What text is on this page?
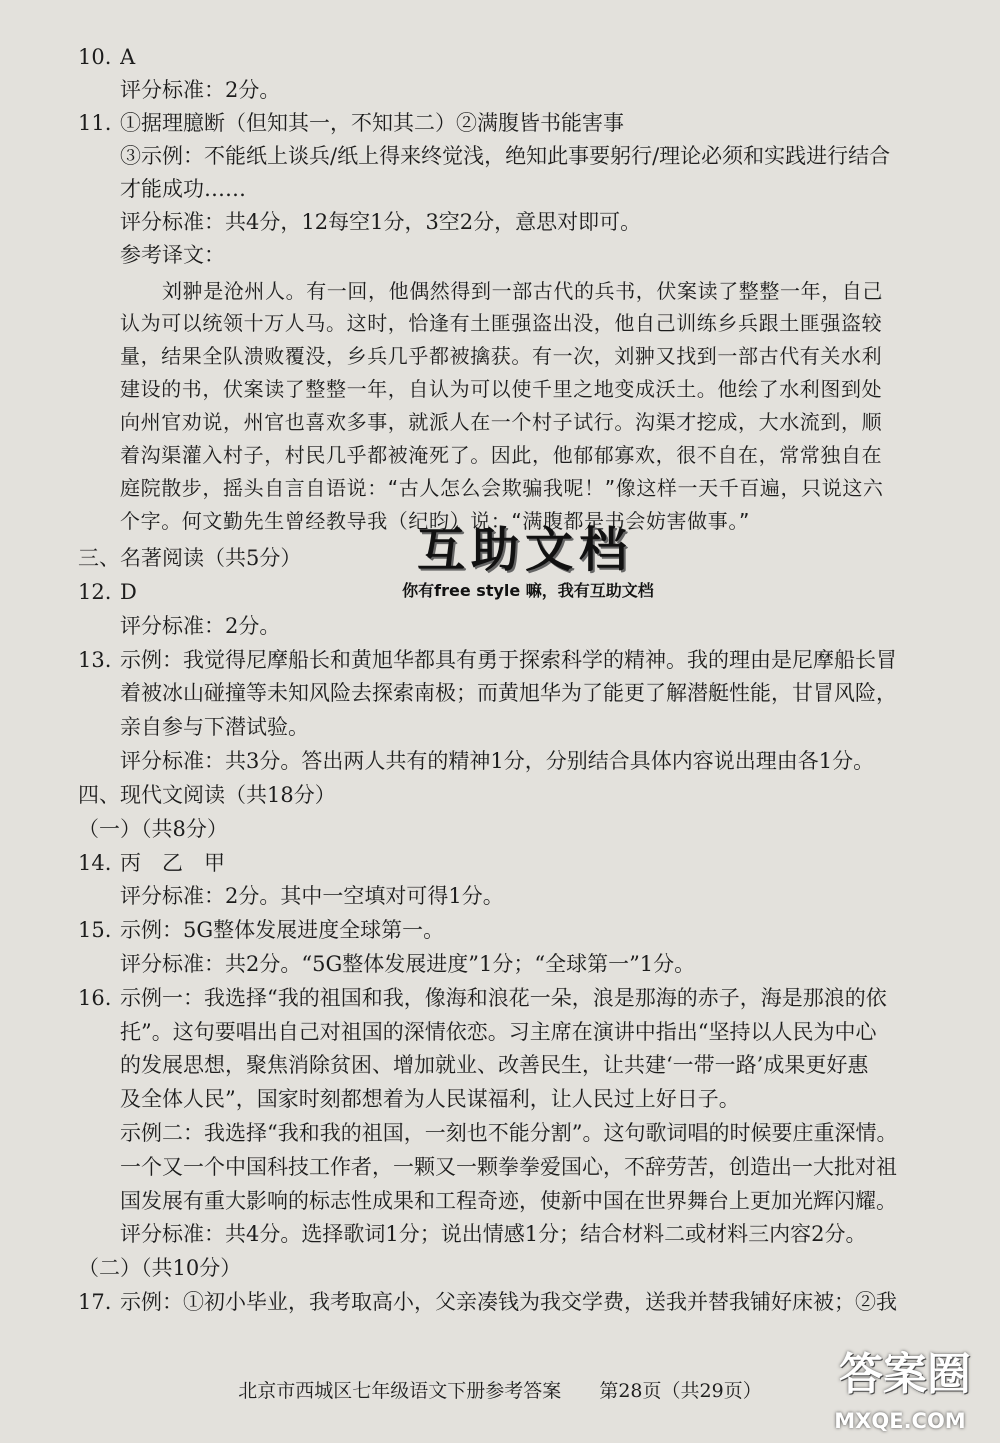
10. A
评分标准：2分。
11. ①据理臆断（但知其一，不知其二）②满腹皆书能害事
③示例：不能纸上谈兵/纸上得来终觉浅，绝知此事要躬行/理论必须和实践进行结合
才能成功……
评分标准：共4分，12每空1分，3空2分，意思对即可。
参考译文：
刘翀是沧州人。有一回，他偶然得到一部古代的兵书，伏案读了整整一年，自己
认为可以统领十万人马。这时，恰逢有土匪强盗出没，他自己训练乡兵跟土匪强盗较
量，结果全队溃败覆没，乡兵几乎都被擒获。有一次，刘翀又找到一部古代有关水利
建设的书，伏案读了整整一年，自认为可以使千里之地变成沃土。他绘了水利图到处
向州官劝说，州官也喜欢多事，就派人在一个村子试行。沟渠才挖成，大水流到，顺
着沟渠灌入村子，村民几乎都被淹死了。因此，他郁郁寡欢，很不自在，常常独自在
庭院散步，摇头自言自语说：“古人怎么会欺骗我呢！”像这样一天千百遍，只说这六
个字。何文勤先生曾经教导我（纪昀）说：“满腹都是书会妨害做事。”
三、名著阅读（共5分）
12. D
评分标准：2分。
13. 示例：我觉得尼摩船长和黄旭华都具有勇于探索科学的精神。我的理由是尼摩船长冒
着被冰山碰撞等未知风险去探索南极；而黄旭华为了能更了解潜艇性能，甘冒风险，
亲自参与下潜试验。
评分标准：共3分。答出两人共有的精神1分，分别结合具体内容说出理由各1分。
四、现代文阅读（共18分）
（一）（共8分）
14. 丙　乙　甲
评分标准：2分。其中一空填对可得1分。
15. 示例：5G整体发展进度全球第一。
评分标准：共2分。“5G整体发展进度”1分；“全球第一”1分。
16. 示例一：我选择“我的祖国和我，像海和浪花一朵，浪是那海的赤子，海是那浪的依
托”。这句要唱出自己对祖国的深情依恋。习主席在演讲中指出“坚持以人民为中心
的发展思想，聚焦消除贫困、增加就业、改善民生，让共建‘一带一路’成果更好惠
及全体人民”，国家时刻都想着为人民谋福利，让人民过上好日子。
示例二：我选择“我和我的祖国，一刻也不能分割”。这句歌词唱的时候要庄重深情。
一个又一个中国科技工作者，一颗又一颗拳拳爱国心，不辞劳苦，创造出一大批对祖
国发展有重大影响的标志性成果和工程奇迹，使新中国在世界舞台上更加光辉闪耀。
评分标准：共4分。选择歌词1分；说出情感1分；结合材料二或材料三内容2分。
（二）（共10分）
17. 示例：①初小毕业，我考取高小，父亲凑钱为我交学费，送我并替我铺好床被；②我
互助文档
你有free style 嘛，我有互助文档
北京市西城区七年级语文下册参考答案 第28页（共29页）	答案圈
MXQE.COM
